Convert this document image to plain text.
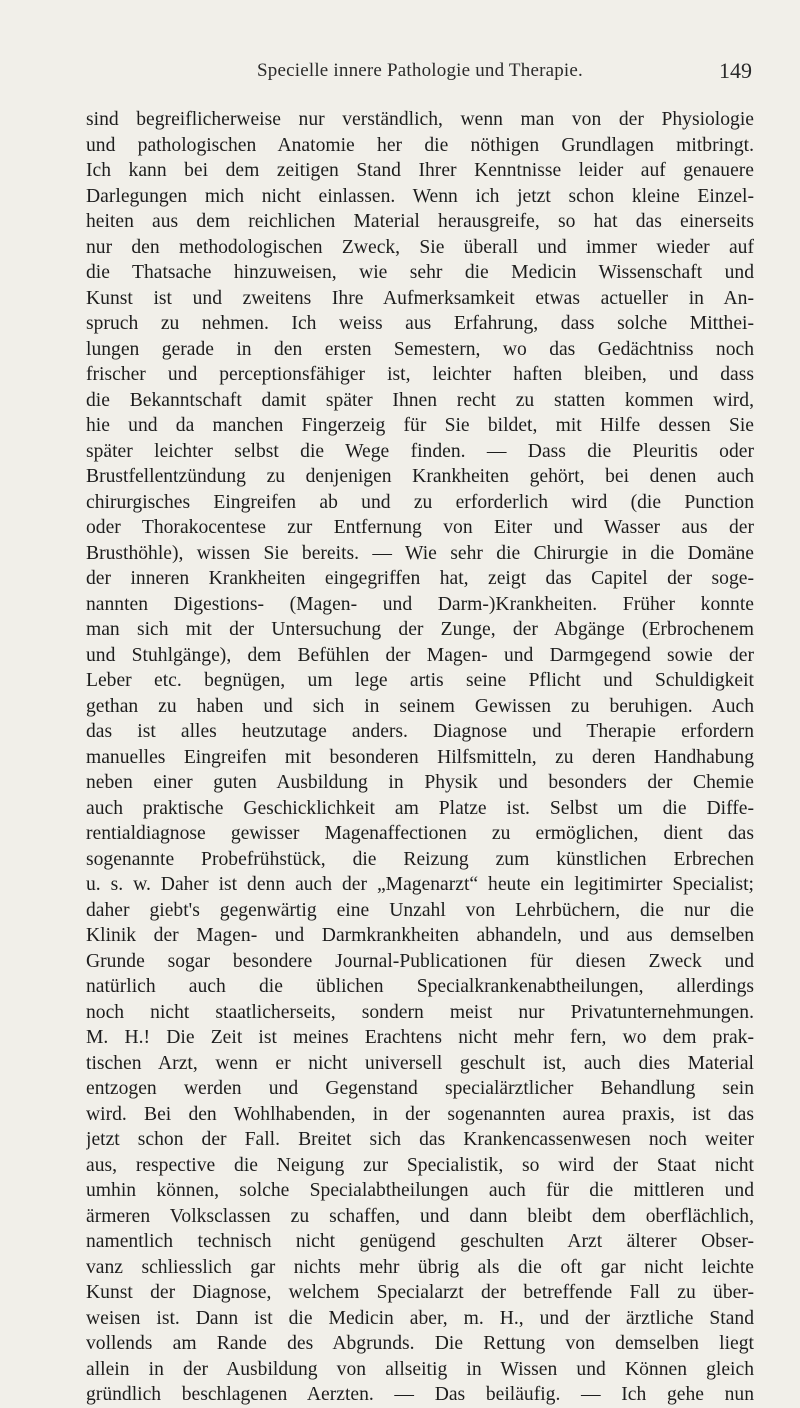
Specielle innere Pathologie und Therapie.	149
sind begreiflicherweise nur verständlich, wenn man von der Physiologie
und pathologischen Anatomie her die nöthigen Grundlagen mitbringt.
Ich kann bei dem zeitigen Stand Ihrer Kenntnisse leider auf genauere
Darlegungen mich nicht einlassen. Wenn ich jetzt schon kleine Einzel-
heiten aus dem reichlichen Material herausgreife, so hat das einerseits
nur den methodologischen Zweck, Sie überall und immer wieder auf
die Thatsache hinzuweisen, wie sehr die Medicin Wissenschaft und
Kunst ist und zweitens Ihre Aufmerksamkeit etwas actueller in An-
spruch zu nehmen. Ich weiss aus Erfahrung, dass solche Mitthei-
lungen gerade in den ersten Semestern, wo das Gedächtniss noch
frischer und perceptionsfähiger ist, leichter haften bleiben, und dass
die Bekanntschaft damit später Ihnen recht zu statten kommen wird,
hie und da manchen Fingerzeig für Sie bildet, mit Hilfe dessen Sie
später leichter selbst die Wege finden. — Dass die Pleuritis oder
Brustfellentzündung zu denjenigen Krankheiten gehört, bei denen auch
chirurgisches Eingreifen ab und zu erforderlich wird (die Punction
oder Thorakocentese zur Entfernung von Eiter und Wasser aus der
Brusthöhle), wissen Sie bereits. — Wie sehr die Chirurgie in die Domäne
der inneren Krankheiten eingegriffen hat, zeigt das Capitel der soge-
nannten Digestions- (Magen- und Darm-)Krankheiten. Früher konnte
man sich mit der Untersuchung der Zunge, der Abgänge (Erbrochenem
und Stuhlgänge), dem Befühlen der Magen- und Darmgegend sowie der
Leber etc. begnügen, um lege artis seine Pflicht und Schuldigkeit
gethan zu haben und sich in seinem Gewissen zu beruhigen. Auch
das ist alles heutzutage anders. Diagnose und Therapie erfordern
manuelles Eingreifen mit besonderen Hilfsmitteln, zu deren Handhabung
neben einer guten Ausbildung in Physik und besonders der Chemie
auch praktische Geschicklichkeit am Platze ist. Selbst um die Diffe-
rentialdiagnose gewisser Magenaffectionen zu ermöglichen, dient das
sogenannte Probefrühstück, die Reizung zum künstlichen Erbrechen
u. s. w. Daher ist denn auch der „Magenarzt“ heute ein legitimirter Specialist;
daher giebt's gegenwärtig eine Unzahl von Lehrbüchern, die nur die
Klinik der Magen- und Darmkrankheiten abhandeln, und aus demselben
Grunde sogar besondere Journal-Publicationen für diesen Zweck und
natürlich auch die üblichen Specialkrankenabtheilungen, allerdings
noch nicht staatlicherseits, sondern meist nur Privatunternehmungen.
M. H.! Die Zeit ist meines Erachtens nicht mehr fern, wo dem prak-
tischen Arzt, wenn er nicht universell geschult ist, auch dies Material
entzogen werden und Gegenstand specialärztlicher Behandlung sein
wird. Bei den Wohlhabenden, in der sogenannten aurea praxis, ist das
jetzt schon der Fall. Breitet sich das Krankencassenwesen noch weiter
aus, respective die Neigung zur Specialistik, so wird der Staat nicht
umhin können, solche Specialabtheilungen auch für die mittleren und
ärmeren Volksclassen zu schaffen, und dann bleibt dem oberflächlich,
namentlich technisch nicht genügend geschulten Arzt älterer Obser-
vanz schliesslich gar nichts mehr übrig als die oft gar nicht leichte
Kunst der Diagnose, welchem Specialarzt der betreffende Fall zu über-
weisen ist. Dann ist die Medicin aber, m. H., und der ärztliche Stand
vollends am Rande des Abgrunds. Die Rettung von demselben liegt
allein in der Ausbildung von allseitig in Wissen und Können gleich
gründlich beschlagenen Aerzten. — Das beiläufig. — Ich gehe nun
